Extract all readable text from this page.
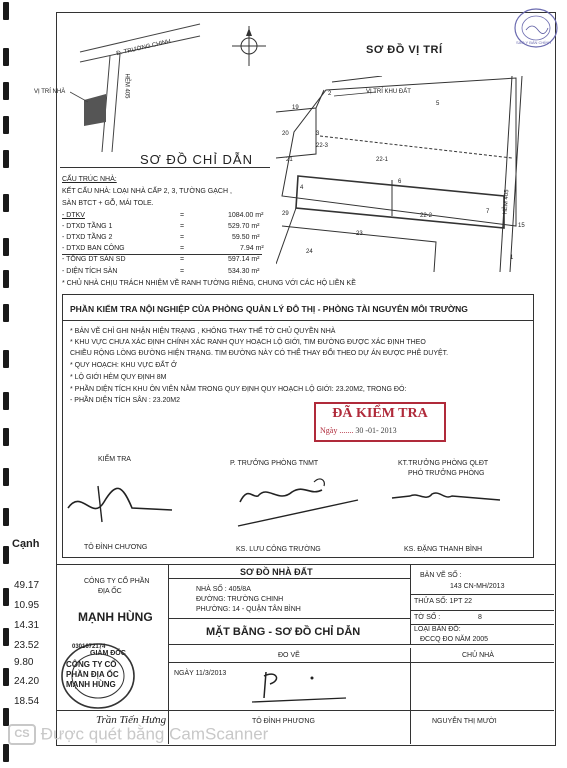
Cạnh
49.17
10.95
14.31
23.52
9.80
24.20
18.54
SAO Y BẢN CHÍNH
Đ. TRƯỜNG CHINH
HẺM 405
VỊ TRÍ NHÀ
SƠ ĐỒ VỊ TRÍ
VỊ TRÍ KHU ĐẤT
HẺM 405
19
2
5
3
22-3
20
21	22-1
6
4
22-2
7
29
23
15
24
1
SƠ ĐỒ CHỈ DẪN
CẤU TRÚC NHÀ:
KẾT CẤU NHÀ: LOẠI NHÀ CẤP 2, 3, TƯỜNG GẠCH ,
SÀN BTCT + GỖ, MÁI TOLE.
- DTKV	=	1084.00 m²
- DTXD TẦNG 1	=	529.70 m²
- DTXD TẦNG 2	=	59.50 m²
- DTXD BAN CÔNG	=	7.94 m²
- TỔNG DT SÀN SD	=	597.14 m²
- DIỆN TÍCH SÀN	=	534.30 m²
* CHỦ NHÀ CHỊU TRÁCH NHIỆM VỀ RANH TƯỜNG RIÊNG, CHUNG VỚI CÁC HỘ LIỀN KỀ
PHẦN KIỂM TRA NỘI NGHIỆP CỦA PHÒNG QUẢN LÝ ĐÔ THỊ - PHÒNG TÀI NGUYÊN MÔI TRƯỜNG
* BẢN VẼ CHỈ GHI NHẬN HIỆN TRẠNG , KHÔNG THAY THẾ TỜ CHỦ QUYỀN NHÀ
* KHU VỰC CHƯA XÁC ĐỊNH CHÍNH XÁC RANH QUY HOẠCH LỘ GIỚI, TIM ĐƯỜNG ĐƯỢC XÁC ĐỊNH THEO
CHIỀU RỘNG LÒNG ĐƯỜNG HIỆN TRẠNG. TIM ĐƯỜNG NÀY CÓ THỂ THAY ĐỔI THEO DỰ ÁN ĐƯỢC PHÊ DUYỆT.
* QUY HOẠCH: KHU VỰC ĐẤT Ở
* LỘ GIỚI HẺM QUY ĐỊNH 8M
* PHẦN DIỆN TÍCH KHU ÔN VIÊN NẰM TRONG QUY ĐỊNH QUY HOẠCH LỘ GIỚI: 23.20M2, TRONG ĐÓ:
- PHẦN DIỆN TÍCH SÂN : 23.20M2
ĐÃ KIỂM TRA
Ngày ....... 30 -01- 2013
KIỂM TRA
P. TRƯỞNG PHÒNG TNMT	KT.TRƯỞNG PHÒNG QLĐT
PHÓ TRƯỞNG PHÒNG
TÔ ĐÌNH CHƯƠNG	KS. LƯU CÔNG TRƯỜNG	KS. ĐẶNG THANH BÌNH
CÔNG TY CỔ PHẦN
ĐỊA ỐC
MẠNH HÙNG
GIÁM ĐỐC
0301672174
CÔNG TY CỔ PHẦN ĐỊA ỐC MẠNH HÙNG
Trần Tiến Hưng
SƠ ĐỒ NHÀ ĐẤT
NHÀ SỐ : 405/8A
ĐƯỜNG: TRƯỜNG CHINH
PHƯỜNG: 14 - QUẬN TÂN BÌNH
MẶT BẰNG - SƠ ĐỒ CHỈ DẪN
BẢN VẼ SỐ :
143 CN-MH/2013
THỬA SỐ: 1PT 22
TỜ SỐ :	8
LOẠI BẢN ĐỒ:
ĐCCQ ĐO NĂM 2005
ĐO VẼ	CHỦ NHÀ
NGÀY 11/3/2013
TÔ ĐÌNH PHƯƠNG	NGUYỄN THỊ MƯỜI
CS Được quét bằng CamScanner
